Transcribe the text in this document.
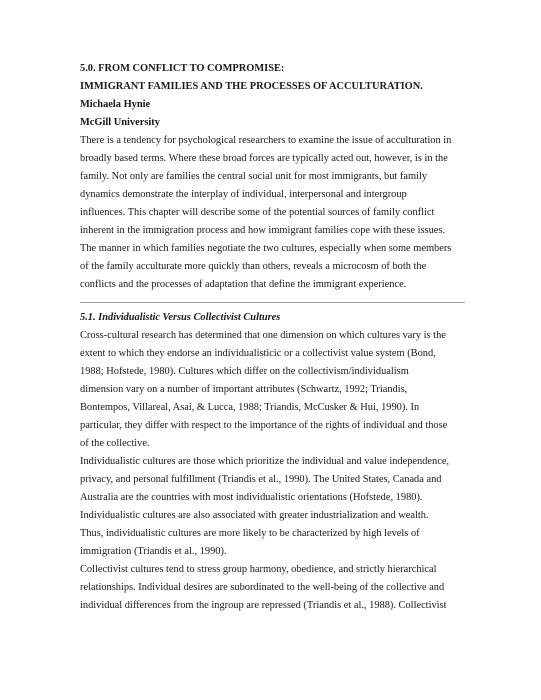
5.0. FROM CONFLICT TO COMPROMISE:

IMMIGRANT FAMILIES AND THE PROCESSES OF ACCULTURATION.

Michaela Hynie

McGill University

There is a tendency for psychological researchers to examine the issue of acculturation in
broadly based terms. Where these broad forces are typically acted out, however, is in the
family. Not only are families the central social unit for most immigrants, but family
dynamics demonstrate the interplay of individual, interpersonal and intergroup
influences. This chapter will describe some of the potential sources of family conflict
inherent in the immigration process and how immigrant families cope with these issues.
The manner in which families negotiate the two cultures, especially when some members
of the family acculturate more quickly than others, reveals a microcosm of both the
conflicts and the processes of adaptation that define the immigrant experience.

5.1. Individualistic Versus Collectivist Cultures

Cross-cultural research has determined that one dimension on which cultures vary is the
extent to which they endorse an individualisticic or a collectivist value system (Bond,
1988; Hofstede, 1980). Cultures which differ on the collectivism/individualism
dimension vary on a number of important attributes (Schwartz, 1992; Triandis,
Bontempos, Villareal, Asai, & Lucca, 1988; Triandis, McCusker & Hui, 1990). In
particular, they differ with respect to the importance of the rights of individual and those
of the collective.
Individualistic cultures are those which prioritize the individual and value independence,
privacy, and personal fulfillment (Triandis et al., 1990). The United States, Canada and
Australia are the countries with most individualistic orientations (Hofstede, 1980).
Individualistic cultures are also associated with greater industrialization and wealth.
Thus, individualistic cultures are more likely to be characterized by high levels of
immigration (Triandis et al., 1990).
Collectivist cultures tend to stress group harmony, obedience, and strictly hierarchical
relationships. Individual desires are subordinated to the well-being of the collective and
individual differences from the ingroup are repressed (Triandis et al., 1988). Collectivist
